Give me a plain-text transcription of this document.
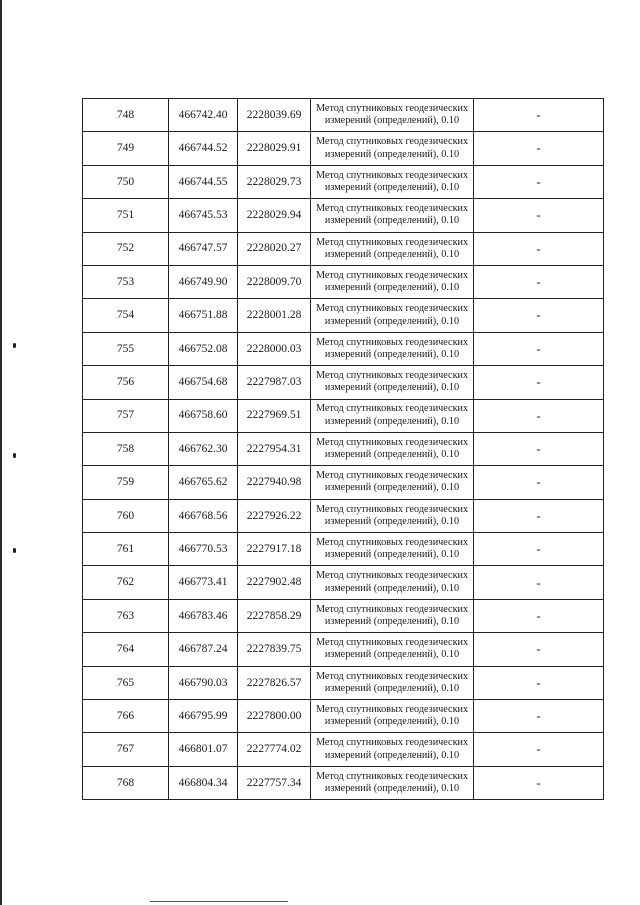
748	466742.40	2228039.69	Метод спутниковых геодезических измерений (определений), 0.10	-
749	466744.52	2228029.91	Метод спутниковых геодезических измерений (определений), 0.10	-
750	466744.55	2228029.73	Метод спутниковых геодезических измерений (определений), 0.10	-
751	466745.53	2228029.94	Метод спутниковых геодезических измерений (определений), 0.10	-
752	466747.57	2228020.27	Метод спутниковых геодезических измерений (определений), 0.10	-
753	466749.90	2228009.70	Метод спутниковых геодезических измерений (определений), 0.10	-
754	466751.88	2228001.28	Метод спутниковых геодезических измерений (определений), 0.10	-
755	466752.08	2228000.03	Метод спутниковых геодезических измерений (определений), 0.10	-
756	466754.68	2227987.03	Метод спутниковых геодезических измерений (определений), 0.10	-
757	466758.60	2227969.51	Метод спутниковых геодезических измерений (определений), 0.10	-
758	466762.30	2227954.31	Метод спутниковых геодезических измерений (определений), 0.10	-
759	466765.62	2227940.98	Метод спутниковых геодезических измерений (определений), 0.10	-
760	466768.56	2227926.22	Метод спутниковых геодезических измерений (определений), 0.10	-
761	466770.53	2227917.18	Метод спутниковых геодезических измерений (определений), 0.10	-
762	466773.41	2227902.48	Метод спутниковых геодезических измерений (определений), 0.10	-
763	466783.46	2227858.29	Метод спутниковых геодезических измерений (определений), 0.10	-
764	466787.24	2227839.75	Метод спутниковых геодезических измерений (определений), 0.10	-
765	466790.03	2227826.57	Метод спутниковых геодезических измерений (определений), 0.10	-
766	466795.99	2227800.00	Метод спутниковых геодезических измерений (определений), 0.10	-
767	466801.07	2227774.02	Метод спутниковых геодезических измерений (определений), 0.10	-
768	466804.34	2227757.34	Метод спутниковых геодезических измерений (определений), 0.10	-
